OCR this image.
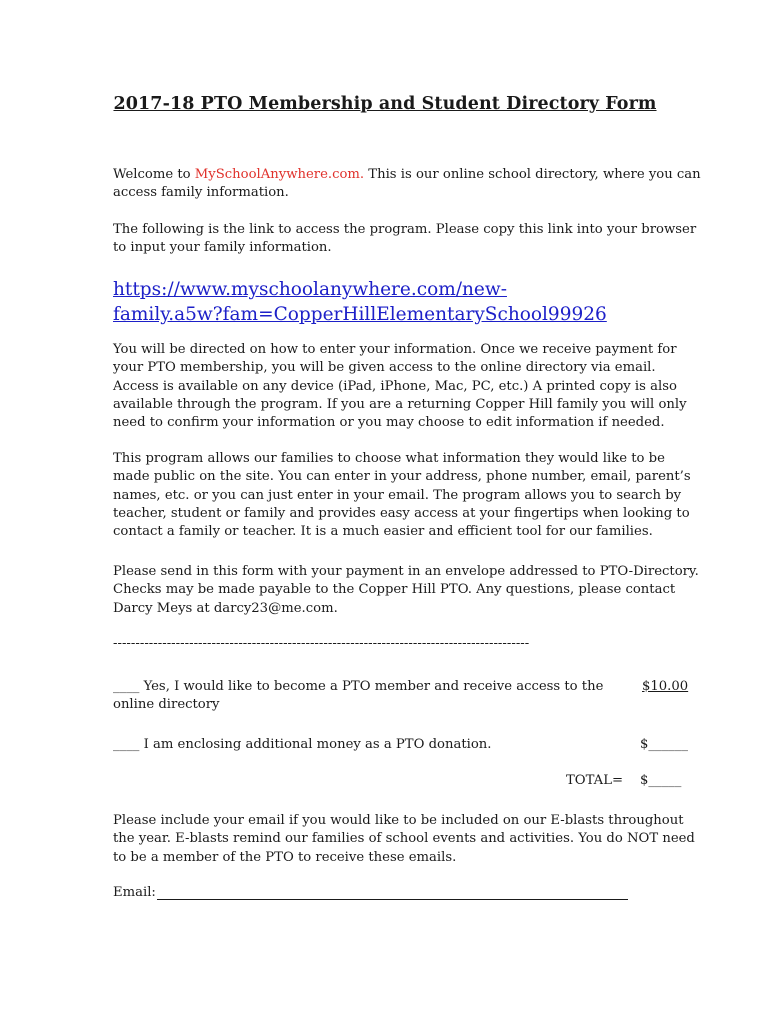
2017-18 PTO Membership and Student Directory Form
Welcome to MySchoolAnywhere.com. This is our online school directory, where you can access family information.
The following is the link to access the program. Please copy this link into your browser to input your family information.
https://www.myschoolanywhere.com/new-
family.a5w?fam=CopperHillElementarySchool99926
You will be directed on how to enter your information. Once we receive payment for your PTO membership, you will be given access to the online directory via email. Access is available on any device (iPad, iPhone, Mac, PC, etc.) A printed copy is also available through the program. If you are a returning Copper Hill family you will only need to confirm your information or you may choose to edit information if needed.
This program allows our families to choose what information they would like to be made public on the site. You can enter in your address, phone number, email, parent’s names, etc. or you can just enter in your email. The program allows you to search by teacher, student or family and provides easy access at your fingertips when looking to contact a family or teacher. It is a much easier and efficient tool for our families.
Please send in this form with your payment in an envelope addressed to PTO-Directory. Checks may be made payable to the Copper Hill PTO. Any questions, please contact Darcy Meys at darcy23@me.com.
---------------------------------------------------------------------------------------------
____ Yes, I would like to become a PTO member and receive access to the online directory
$10.00
____ I am enclosing additional money as a PTO donation.	$______
TOTAL= $_____
Please include your email if you would like to be included on our E-blasts throughout the year. E-blasts remind our families of school events and activities. You do NOT need to be a member of the PTO to receive these emails.
Email:
